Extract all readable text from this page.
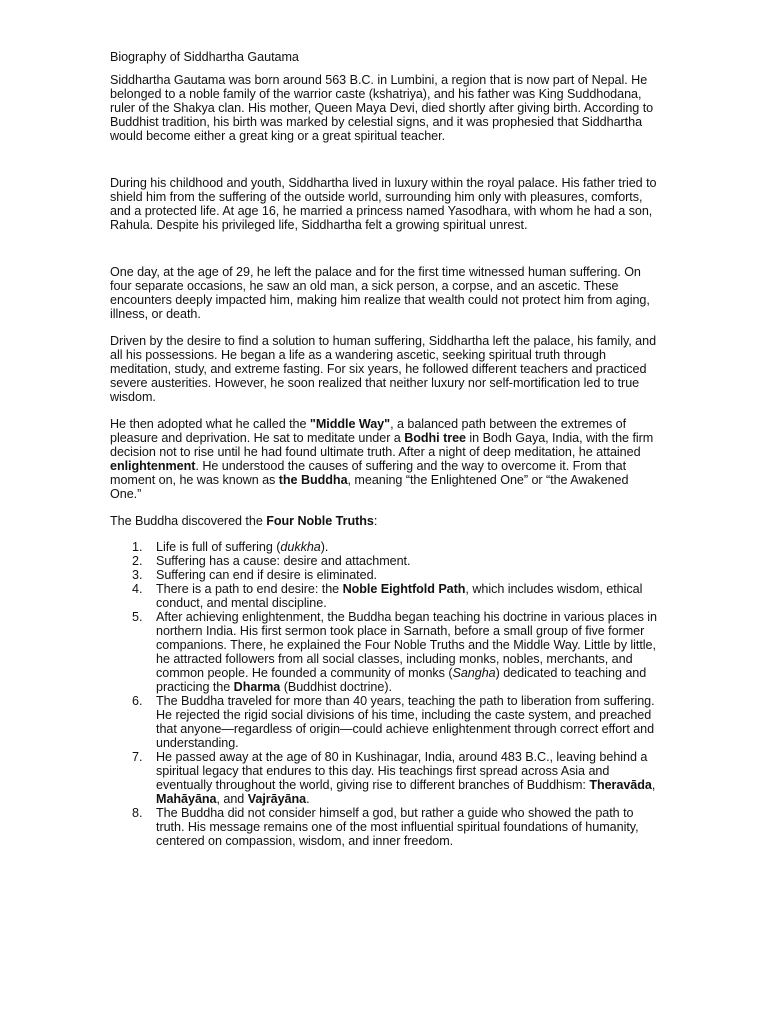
Biography of Siddhartha Gautama

Siddhartha Gautama was born around 563 B.C. in Lumbini, a region that is now part of Nepal. He belonged to a noble family of the warrior caste (kshatriya), and his father was King Suddhodana, ruler of the Shakya clan. His mother, Queen Maya Devi, died shortly after giving birth. According to Buddhist tradition, his birth was marked by celestial signs, and it was prophesied that Siddhartha would become either a great king or a great spiritual teacher.

During his childhood and youth, Siddhartha lived in luxury within the royal palace. His father tried to shield him from the suffering of the outside world, surrounding him only with pleasures, comforts, and a protected life. At age 16, he married a princess named Yasodhara, with whom he had a son, Rahula. Despite his privileged life, Siddhartha felt a growing spiritual unrest.

One day, at the age of 29, he left the palace and for the first time witnessed human suffering. On four separate occasions, he saw an old man, a sick person, a corpse, and an ascetic. These encounters deeply impacted him, making him realize that wealth could not protect him from aging, illness, or death.

Driven by the desire to find a solution to human suffering, Siddhartha left the palace, his family, and all his possessions. He began a life as a wandering ascetic, seeking spiritual truth through meditation, study, and extreme fasting. For six years, he followed different teachers and practiced severe austerities. However, he soon realized that neither luxury nor self-mortification led to true wisdom.

He then adopted what he called the "Middle Way", a balanced path between the extremes of pleasure and deprivation. He sat to meditate under a Bodhi tree in Bodh Gaya, India, with the firm decision not to rise until he had found ultimate truth. After a night of deep meditation, he attained enlightenment. He understood the causes of suffering and the way to overcome it. From that moment on, he was known as the Buddha, meaning “the Enlightened One” or “the Awakened One.”

The Buddha discovered the Four Noble Truths:

1. Life is full of suffering (dukkha).
2. Suffering has a cause: desire and attachment.
3. Suffering can end if desire is eliminated.
4. There is a path to end desire: the Noble Eightfold Path, which includes wisdom, ethical conduct, and mental discipline.
5. After achieving enlightenment, the Buddha began teaching his doctrine in various places in northern India. His first sermon took place in Sarnath, before a small group of five former companions. There, he explained the Four Noble Truths and the Middle Way. Little by little, he attracted followers from all social classes, including monks, nobles, merchants, and common people. He founded a community of monks (Sangha) dedicated to teaching and practicing the Dharma (Buddhist doctrine).
6. The Buddha traveled for more than 40 years, teaching the path to liberation from suffering. He rejected the rigid social divisions of his time, including the caste system, and preached that anyone—regardless of origin—could achieve enlightenment through correct effort and understanding.
7. He passed away at the age of 80 in Kushinagar, India, around 483 B.C., leaving behind a spiritual legacy that endures to this day. His teachings first spread across Asia and eventually throughout the world, giving rise to different branches of Buddhism: Theravāda, Mahāyāna, and Vajrāyāna.
8. The Buddha did not consider himself a god, but rather a guide who showed the path to truth. His message remains one of the most influential spiritual foundations of humanity, centered on compassion, wisdom, and inner freedom.
